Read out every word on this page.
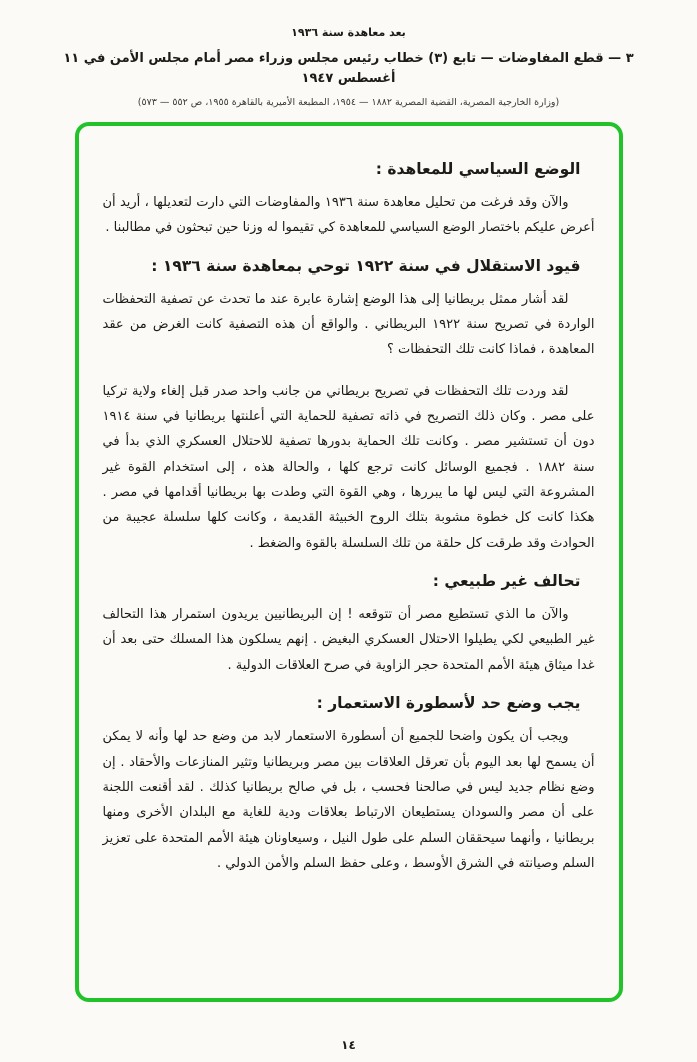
بعد معاهدة سنة ١٩٣٦
٣ — قطع المفاوضات — تابع (٣) خطاب رئيس مجلس وزراء مصر أمام مجلس الأمن في ١١ أغسطس ١٩٤٧
(وزارة الخارجية المصرية، القضية المصرية ١٨٨٢ — ١٩٥٤، المطبعة الأميرية بالقاهرة ١٩٥٥، ص ٥٥٢ — ٥٧٣)
الوضع السياسي للمعاهدة :

والآن وقد فرغت من تحليل معاهدة سنة ١٩٣٦ والمفاوضات التي دارت لتعديلها ، أريد أن أعرض عليكم باختصار الوضع السياسي للمعاهدة كي تقيموا له وزنا حين تبحثون في مطالبنا .

قيود الاستقلال في سنة ١٩٢٢ توحي بمعاهدة سنة ١٩٣٦ :

لقد أشار ممثل بريطانيا إلى هذا الوضع إشارة عابرة عند ما تحدث عن تصفية التحفظات الواردة في تصريح سنة ١٩٢٢ البريطاني . والواقع أن هذه التصفية كانت الغرض من عقد المعاهدة ، فماذا كانت تلك التحفظات ؟

لقد وردت تلك التحفظات في تصريح بريطاني من جانب واحد صدر قبل إلغاء ولاية تركيا على مصر . وكان ذلك التصريح في ذاته تصفية للحماية التي أعلنتها بريطانيا في سنة ١٩١٤ دون أن تستشير مصر . وكانت تلك الحماية بدورها تصفية للاحتلال العسكري الذي بدأ في سنة ١٨٨٢ . فجميع الوسائل كانت ترجع كلها ، والحالة هذه ، إلى استخدام القوة غير المشروعة التي ليس لها ما يبررها ، وهي القوة التي وطدت بها بريطانيا أقدامها في مصر . هكذا كانت كل خطوة مشوبة بتلك الروح الخبيثة القديمة ، وكانت كلها سلسلة عجيبة من الحوادث وقد طرقت كل حلقة من تلك السلسلة بالقوة والضغط .

تحالف غير طبيعي :

والآن ما الذي تستطيع مصر أن تتوقعه ! إن البريطانيين يريدون استمرار هذا التحالف غير الطبيعي لكي يطيلوا الاحتلال العسكري البغيض . إنهم يسلكون هذا المسلك حتى بعد أن غدا ميثاق هيئة الأمم المتحدة حجر الزاوية في صرح العلاقات الدولية .

يجب وضع حد لأسطورة الاستعمار :

ويجب أن يكون واضحا للجميع أن أسطورة الاستعمار لابد من وضع حد لها وأنه لا يمكن أن يسمح لها بعد اليوم بأن تعرقل العلاقات بين مصر وبريطانيا وتثير المنازعات والأحقاد . إن وضع نظام جديد ليس في صالحنا فحسب ، بل في صالح بريطانيا كذلك . لقد أقنعت اللجنة على أن مصر والسودان يستطيعان الارتباط بعلاقات ودية للغاية مع البلدان الأخرى ومنها بريطانيا ، وأنهما سيحققان السلم على طول النيل ، وسيعاونان هيئة الأمم المتحدة على تعزيز السلم وصيانته في الشرق الأوسط ، وعلى حفظ السلم والأمن الدولي .

١٤
